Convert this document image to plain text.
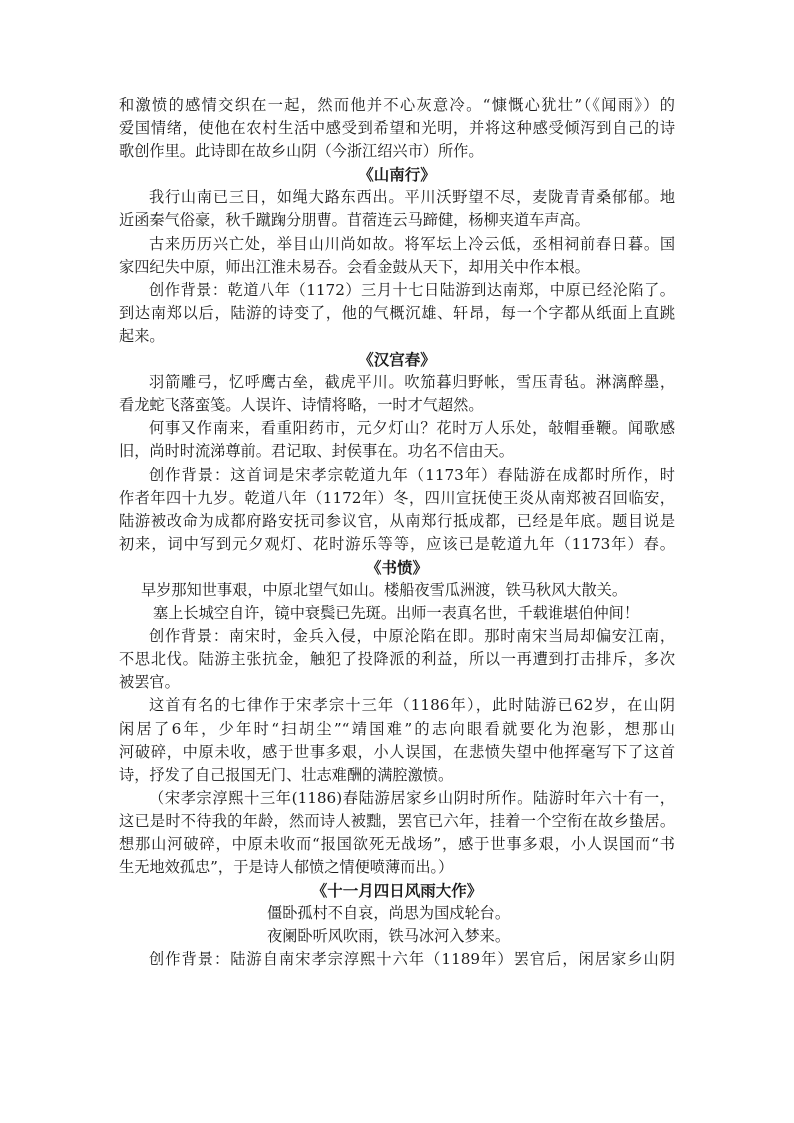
和激愤的感情交织在一起，然而他并不心灰意冷。“慷慨心犹壮”（《闻雨》）的
爱国情绪，使他在农村生活中感受到希望和光明，并将这种感受倾泻到自己的诗
歌创作里。此诗即在故乡山阴（今浙江绍兴市）所作。
《山南行》
我行山南已三日，如绳大路东西出。平川沃野望不尽，麦陇青青桑郁郁。地
近函秦气俗豪，秋千蹴踘分朋曹。苜蓿连云马蹄健，杨柳夹道车声高。
古来历历兴亡处，举目山川尚如故。将军坛上冷云低，丞相祠前春日暮。国
家四纪失中原，师出江淮未易吞。会看金鼓从天下，却用关中作本根。
创作背景：乾道八年（1172）三月十七日陆游到达南郑，中原已经沦陷了。
到达南郑以后，陆游的诗变了，他的气概沉雄、轩昂，每一个字都从纸面上直跳
起来。
《汉宫春》
羽箭雕弓，忆呼鹰古垒，截虎平川。吹笳暮归野帐，雪压青毡。淋漓醉墨，
看龙蛇飞落蛮笺。人误许、诗情将略，一时才气超然。
何事又作南来，看重阳药市，元夕灯山？花时万人乐处，敧帽垂鞭。闻歌感
旧，尚时时流涕尊前。君记取、封侯事在。功名不信由天。
创作背景：这首词是宋孝宗乾道九年（1173年）春陆游在成都时所作，时
作者年四十九岁。乾道八年（1172年）冬，四川宣抚使王炎从南郑被召回临安，
陆游被改命为成都府路安抚司参议官，从南郑行抵成都，已经是年底。题目说是
初来，词中写到元夕观灯、花时游乐等等，应该已是乾道九年（1173年）春。
《书愤》
早岁那知世事艰，中原北望气如山。楼船夜雪瓜洲渡，铁马秋风大散关。
塞上长城空自许，镜中衰鬓已先斑。出师一表真名世，千载谁堪伯仲间！
创作背景：南宋时，金兵入侵，中原沦陷在即。那时南宋当局却偏安江南，
不思北伐。陆游主张抗金，触犯了投降派的利益，所以一再遭到打击排斥，多次
被罢官。
这首有名的七律作于宋孝宗十三年（1186年），此时陆游已62岁，在山阴
闲居了6年，少年时“扫胡尘”“靖国难”的志向眼看就要化为泡影，想那山
河破碎，中原未收，感于世事多艰，小人误国，在悲愤失望中他挥毫写下了这首
诗，抒发了自己报国无门、壮志难酬的满腔激愤。
（宋孝宗淳熙十三年(1186)春陆游居家乡山阴时所作。陆游时年六十有一，
这已是时不待我的年龄，然而诗人被黜，罢官已六年，挂着一个空衔在故乡蛰居。
想那山河破碎，中原未收而“报国欲死无战场”，感于世事多艰，小人误国而“书
生无地效孤忠”，于是诗人郁愤之情便喷薄而出。）
《十一月四日风雨大作》
僵卧孤村不自哀，尚思为国戍轮台。
夜阑卧听风吹雨，铁马冰河入梦来。
创作背景：陆游自南宋孝宗淳熙十六年（1189年）罢官后，闲居家乡山阴
